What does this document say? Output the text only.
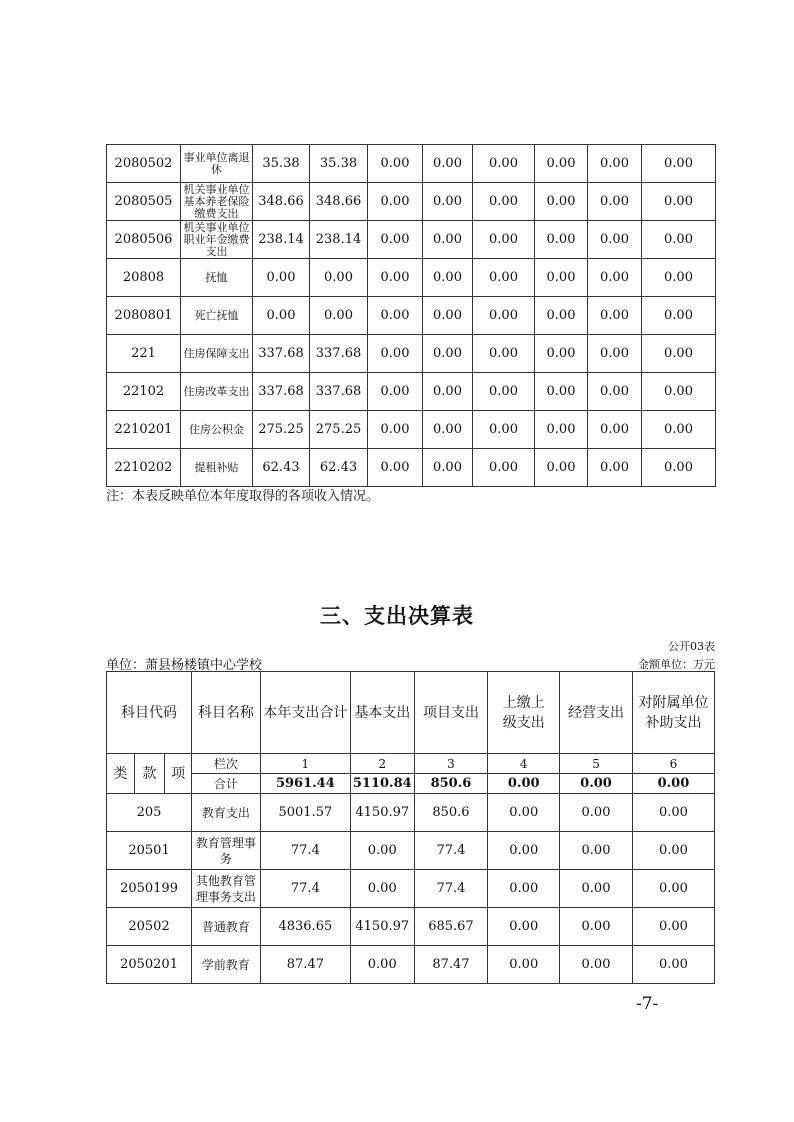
2080502	事业单位离退休	35.38	35.38	0.00	0.00	0.00	0.00	0.00	0.00
2080505	机关事业单位基本养老保险缴费支出	348.66	348.66	0.00	0.00	0.00	0.00	0.00	0.00
2080506	机关事业单位职业年金缴费支出	238.14	238.14	0.00	0.00	0.00	0.00	0.00	0.00
20808	抚恤	0.00	0.00	0.00	0.00	0.00	0.00	0.00	0.00
2080801	死亡抚恤	0.00	0.00	0.00	0.00	0.00	0.00	0.00	0.00
221	住房保障支出	337.68	337.68	0.00	0.00	0.00	0.00	0.00	0.00
22102	住房改革支出	337.68	337.68	0.00	0.00	0.00	0.00	0.00	0.00
2210201	住房公积金	275.25	275.25	0.00	0.00	0.00	0.00	0.00	0.00
2210202	提租补贴	62.43	62.43	0.00	0.00	0.00	0.00	0.00	0.00
注：本表反映单位本年度取得的各项收入情况。
三、支出决算表
公开03表
单位：萧县杨楼镇中心学校	金额单位：万元
科目代码			科目名称	本年支出合计	基本支出	项目支出	上缴上级支出	经营支出	对附属单位补助支出
类	款	项	栏次	1	2	3	4	5	6
			合计	5961.44	5110.84	850.6	0.00	0.00	0.00
205			教育支出	5001.57	4150.97	850.6	0.00	0.00	0.00
20501			教育管理事务	77.4	0.00	77.4	0.00	0.00	0.00
2050199			其他教育管理事务支出	77.4	0.00	77.4	0.00	0.00	0.00
20502			普通教育	4836.65	4150.97	685.67	0.00	0.00	0.00
2050201			学前教育	87.47	0.00	87.47	0.00	0.00	0.00
-7-
